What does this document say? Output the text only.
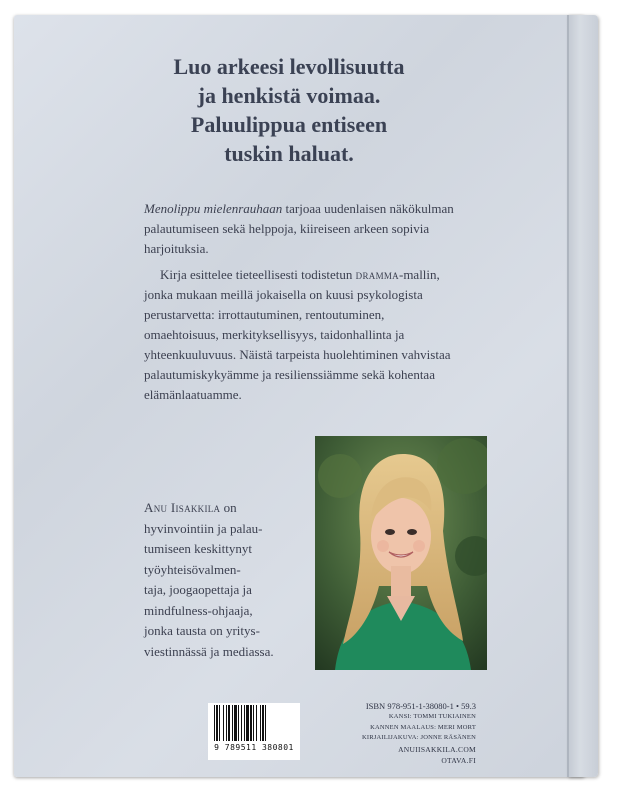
Luo arkeesi levollisuutta
ja henkistä voimaa.
Paluulippua entiseen
tuskin haluat.

Menolippu mielenrauhaan tarjoaa uudenlaisen näkökulman palautumiseen sekä helppoja, kiireiseen arkeen sopivia harjoituksia.

Kirja esittelee tieteellisesti todistetun dramma-mallin, jonka mukaan meillä jokaisella on kuusi psykologista perustarvetta: irrottautuminen, rentoutuminen, omaehtoisuus, merkityksellisyys, taidonhallinta ja yhteenkuuluvuus. Näistä tarpeista huolehtiminen vahvistaa palautumiskykyämme ja resilienssiämme sekä kohentaa elämänlaatuamme.

Anu Iisakkila on
hyvinvointiin ja palau-
tumiseen keskittynyt
työyhteisövalmen-
taja, joogaopettaja ja
mindfulness-ohjaaja,
jonka tausta on yritys-
viestinnässä ja mediassa.
9 789511 380801
ISBN 978-951-1-38080-1 • 59.3
KANSI: TOMMI TUKIAINEN
KANNEN MAALAUS: MERI MORT
KIRJAILIJAKUVA: JONNE RÄSÄNEN
ANUIISAKKILA.COM
OTAVA.FI
